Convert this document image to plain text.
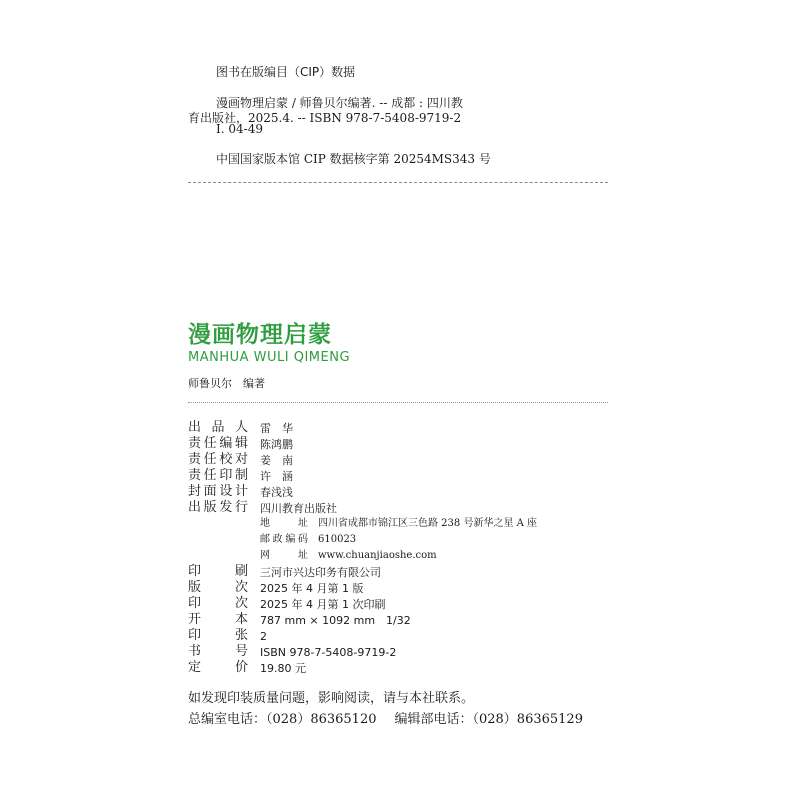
图书在版编目（CIP）数据
漫画物理启蒙 / 师鲁贝尔编著. -- 成都 : 四川教
育出版社，2025.4. -- ISBN 978-7-5408-9719-2
Ⅰ. 04-49
中国国家版本馆 CIP 数据核字第 20254MS343 号
漫画物理启蒙
MANHUA WULI QIMENG
师鲁贝尔　编著
出品人 雷　华
责任编辑 陈鸿鹏
责任校对 姜　南
责任印制 许　涵
封面设计 春浅浅
出版发行 四川教育出版社
地　址 四川省成都市锦江区三色路 238 号新华之星 A 座
邮政编码 610023
网　址 www.chuanjiaoshe.com
印刷 三河市兴达印务有限公司
版次 2025 年 4 月第 1 版
印次 2025 年 4 月第 1 次印刷
开本 787 mm × 1092 mm　1/32
印张 2
书号 ISBN 978-7-5408-9719-2
定价 19.80 元
如发现印装质量问题，影响阅读，请与本社联系。
总编室电话：（028）86365120 编辑部电话：（028）86365129
